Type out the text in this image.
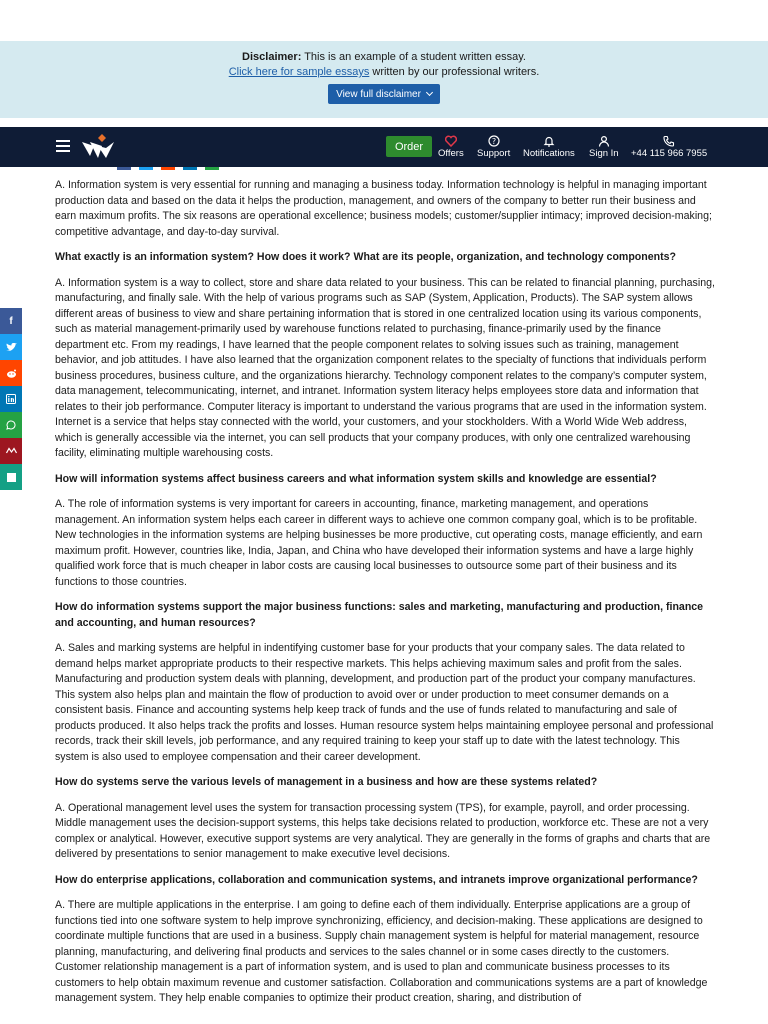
Disclaimer: This is an example of a student written essay.
Click here for sample essays written by our professional writers.
View full disclaimer
Order
Offers
?
Support Notifications Sign In +44 115 966 7955
f

A. Information system is very essential for running and managing a business today. Information technology is helpful in managing important production data and based on the data it helps the production, management, and owners of the company to better run their business and earn maximum profits. The six reasons are operational excellence; business models; customer/supplier intimacy; improved decision-making; competitive advantage, and day-to-day survival.

What exactly is an information system? How does it work? What are its people, organization, and technology components?

A. Information system is a way to collect, store and share data related to your business. This can be related to financial planning, purchasing, manufacturing, and finally sale. With the help of various programs such as SAP (System, Application, Products). The SAP system allows different areas of business to view and share pertaining information that is stored in one centralized location using its various components, such as material management-primarily used by warehouse functions related to purchasing, finance-primarily used by the finance department etc. From my readings, I have learned that the people component relates to solving issues such as training, management behavior, and job attitudes. I have also learned that the organization component relates to the specialty of functions that individuals perform business procedures, business culture, and the organizations hierarchy. Technology component relates to the company’s computer system, data management, telecommunicating, internet, and intranet. Information system literacy helps employees store data and information that relates to their job performance. Computer literacy is important to understand the various programs that are used in the information system. Internet is a service that helps stay connected with the world, your customers, and your stockholders. With a World Wide Web address, which is generally accessible via the internet, you can sell products that your company produces, with only one centralized warehousing facility, eliminating multiple warehousing costs.

How will information systems affect business careers and what information system skills and knowledge are essential?

A. The role of information systems is very important for careers in accounting, finance, marketing management, and operations management. An information system helps each career in different ways to achieve one common company goal, which is to be profitable. New technologies in the information systems are helping businesses be more productive, cut operating costs, manage efficiently, and earn maximum profit. However, countries like, India, Japan, and China who have developed their information systems and have a large highly qualified work force that is much cheaper in labor costs are causing local businesses to outsource some part of their business and its functions to those countries.

How do information systems support the major business functions: sales and marketing, manufacturing and production, finance and accounting, and human resources?

A. Sales and marking systems are helpful in indentifying customer base for your products that your company sales. The data related to demand helps market appropriate products to their respective markets. This helps achieving maximum sales and profit from the sales. Manufacturing and production system deals with planning, development, and production part of the product your company manufactures. This system also helps plan and maintain the flow of production to avoid over or under production to meet consumer demands on a consistent basis. Finance and accounting systems help keep track of funds and the use of funds related to manufacturing and sale of products produced. It also helps track the profits and losses. Human resource system helps maintaining employee personal and professional records, track their skill levels, job performance, and any required training to keep your staff up to date with the latest technology. This system is also used to employee compensation and their career development.

How do systems serve the various levels of management in a business and how are these systems related?

A. Operational management level uses the system for transaction processing system (TPS), for example, payroll, and order processing. Middle management uses the decision-support systems, this helps take decisions related to production, workforce etc. These are not a very complex or analytical. However, executive support systems are very analytical. They are generally in the forms of graphs and charts that are delivered by presentations to senior management to make executive level decisions.

How do enterprise applications, collaboration and communication systems, and intranets improve organizational performance?

A. There are multiple applications in the enterprise. I am going to define each of them individually. Enterprise applications are a group of functions tied into one software system to help improve synchronizing, efficiency, and decision-making. These applications are designed to coordinate multiple functions that are used in a business. Supply chain management system is helpful for material management, resource planning, manufacturing, and delivering final products and services to the sales channel or in some cases directly to the customers. Customer relationship management is a part of information system, and is used to plan and communicate business processes to its customers to help obtain maximum revenue and customer satisfaction. Collaboration and communications systems are a part of knowledge management system. They help enable companies to optimize their product creation, sharing, and distribution of
